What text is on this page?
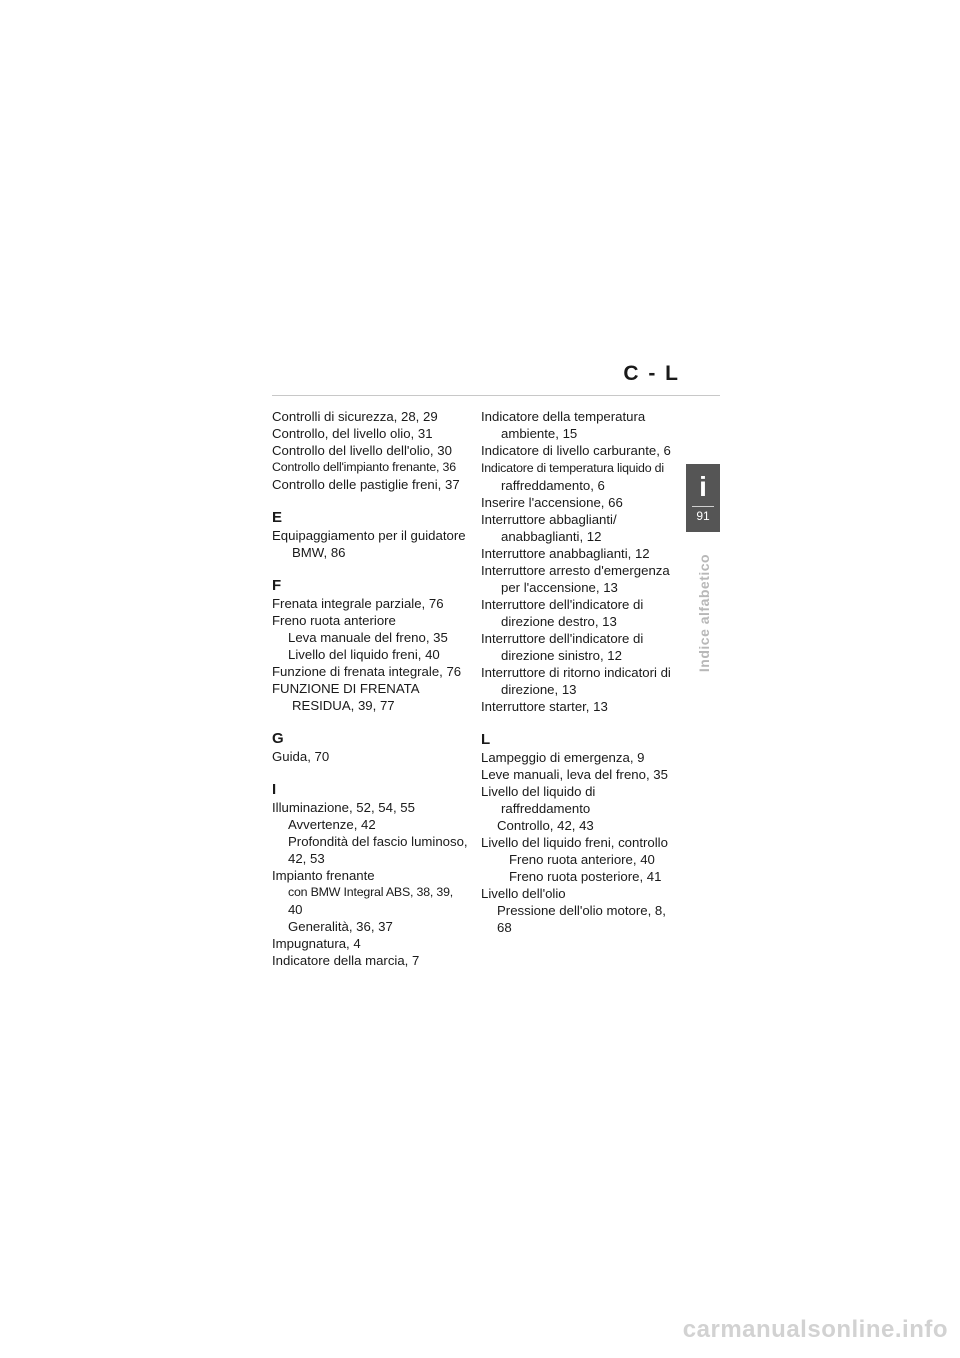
C - L

Controlli di sicurezza, 28, 29

Controllo, del livello olio, 31

Controllo del livello dell'olio, 30

Controllo dell'impianto frenante, 36

Controllo delle pastiglie freni, 37

E

Equipaggiamento per il guidatore
BMW, 86

F

Frenata integrale parziale, 76

Freno ruota anteriore

Leva manuale del freno, 35

Livello del liquido freni, 40

Funzione di frenata integrale, 76

FUNZIONE DI FRENATA
RESIDUA, 39, 77

G

Guida, 70

I

Illuminazione, 52, 54, 55

Avvertenze, 42

Profondità del fascio luminoso,
42, 53

Impianto frenante

con BMW Integral ABS, 38, 39,
40

Generalità, 36, 37

Impugnatura, 4

Indicatore della marcia, 7

Indicatore della temperatura
ambiente, 15

Indicatore di livello carburante, 6

Indicatore di temperatura liquido di
raffreddamento, 6

Inserire l'accensione, 66

Interruttore abbaglianti/
anabbaglianti, 12

Interruttore anabbaglianti, 12

Interruttore arresto d'emergenza
per l'accensione, 13

Interruttore dell'indicatore di
direzione destro, 13

Interruttore dell'indicatore di
direzione sinistro, 12

Interruttore di ritorno indicatori di
direzione, 13

Interruttore starter, 13

L

Lampeggio di emergenza, 9

Leve manuali, leva del freno, 35

Livello del liquido di
raffreddamento

Controllo, 42, 43

Livello del liquido freni, controllo

Freno ruota anteriore, 40

Freno ruota posteriore, 41

Livello dell'olio

Pressione dell'olio motore, 8,
68

i
91
Indice alfabetico
carmanualsonline.info
